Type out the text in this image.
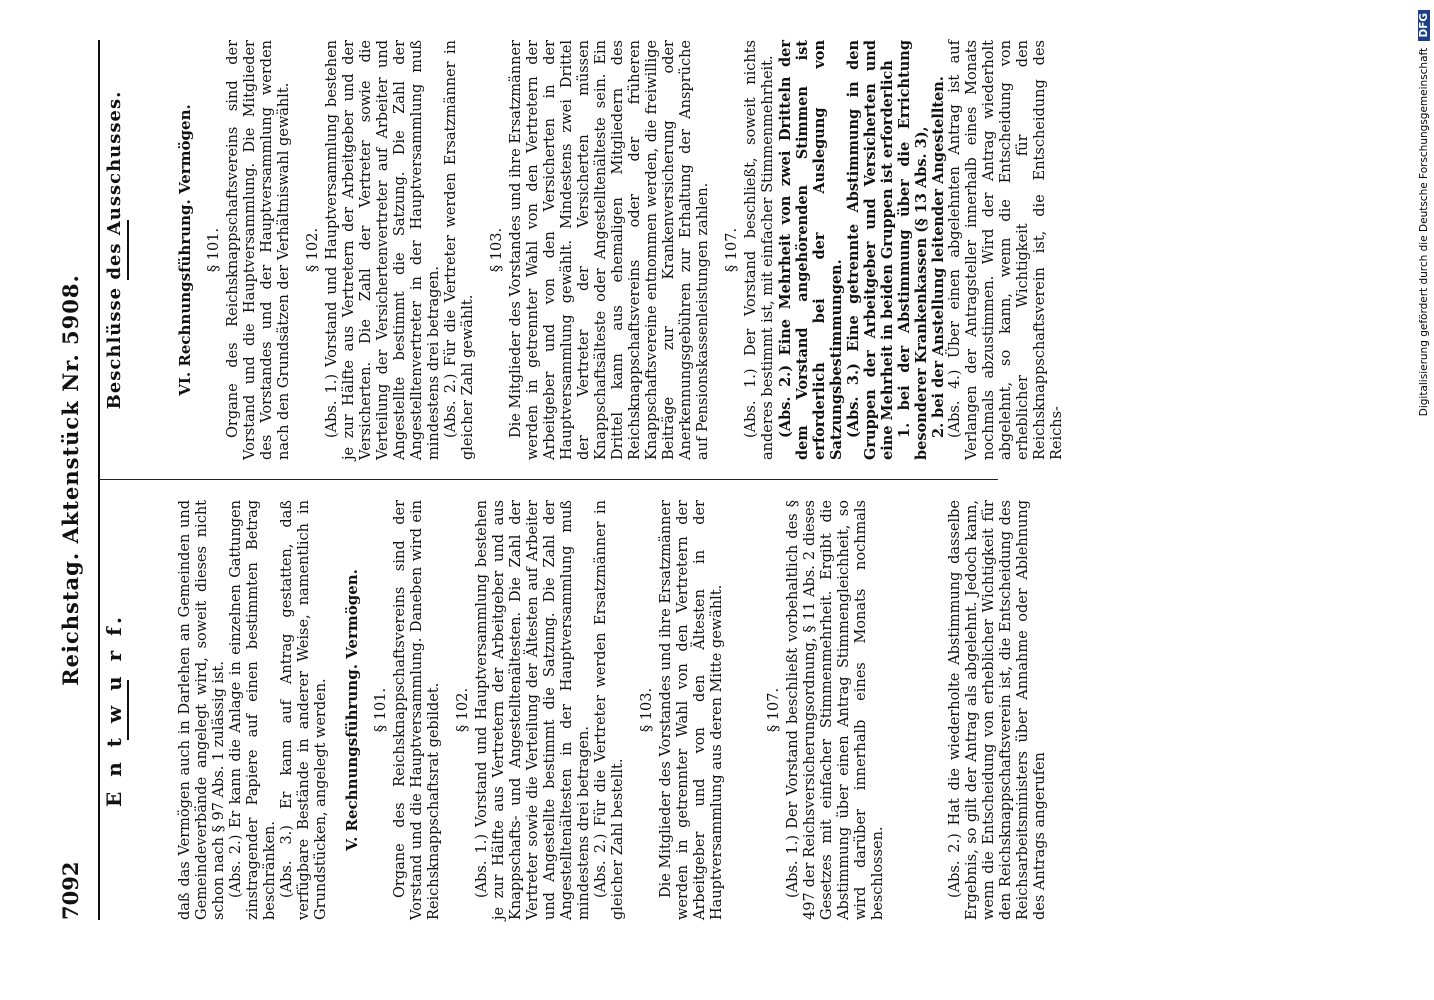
7092
Reichstag. Aktenstück Nr. 5908.
E n t w u r f.	daß das Vermögen auch in Darlehen an Gemeinden und Gemeindeverbände angelegt wird, soweit dieses nicht schon nach § 97 Abs. 1 zulässig ist. (Abs. 2.) Er kann die Anlage in einzelnen Gattungen zinstragender Papiere auf einen bestimmten Betrag beschränken. (Abs. 3.) Er kann auf Antrag gestatten, daß verfügbare Bestände in anderer Weise, namentlich in Grundstücken, angelegt werden. V. Rechnungsführung. Vermögen. § 101. Organe des Reichsknappschaftsvereins sind der Vorstand und die Hauptversammlung. Daneben wird ein Reichsknappschaftsrat gebildet. § 102. (Abs. 1.) Vorstand und Hauptversammlung bestehen je zur Hälfte aus Vertretern der Arbeitgeber und aus Knappschafts- und Angestelltenältesten. Die Zahl der Vertreter sowie die Verteilung der Ältesten auf Arbeiter und Angestellte bestimmt die Satzung. Die Zahl der Angestelltenältesten in der Hauptversammlung muß mindestens drei betragen. (Abs. 2.) Für die Vertreter werden Ersatzmänner in gleicher Zahl bestellt.

§ 103. Die Mitglieder des Vorstandes und ihre Ersatzmänner werden in getrennter Wahl von den Vertretern der Arbeitgeber und von den Ältesten in der Hauptversammlung aus deren Mitte gewählt.	§ 107. (Abs. 1.) Der Vorstand beschließt vorbehaltlich des § 497 der Reichsversicherungsordnung, § 11 Abs. 2 dieses Gesetzes mit einfacher Stimmenmehrheit. Ergibt die Abstimmung über einen Antrag Stimmengleichheit, so wird darüber innerhalb eines Monats nochmals beschlossen.	(Abs. 2.) Hat die wiederholte Abstimmung dasselbe Ergebnis, so gilt der Antrag als abgelehnt. Jedoch kann, wenn die Entscheidung von erheblicher Wichtigkeit für den Reichsknappschaftsverein ist, die Entscheidung des Reichsarbeitsministers über Annahme oder Ablehnung des Antrags angerufen

Beschlüsse des Ausschusses.	VI. Rechnungsführung. Vermögen. § 101. Organe des Reichsknappschaftsvereins sind der Vorstand und die Hauptversammlung. Die Mitglieder des Vorstandes und der Hauptversammlung werden nach den Grundsätzen der Verhältniswahl gewählt. § 102. (Abs. 1.) Vorstand und Hauptversammlung bestehen je zur Hälfte aus Vertretern der Arbeitgeber und der Versicherten. Die Zahl der Vertreter sowie die Verteilung der Versichertenvertreter auf Arbeiter und Angestellte bestimmt die Satzung. Die Zahl der Angestelltenvertreter in der Hauptversammlung muß mindestens drei betragen. (Abs. 2.) Für die Vertreter werden Ersatzmänner in gleicher Zahl gewählt.

§ 103. Die Mitglieder des Vorstandes und ihre Ersatzmänner werden in getrennter Wahl von den Vertretern der Arbeitgeber und von den Versicherten in der Hauptversammlung gewählt. Mindestens zwei Drittel der Vertreter der Versicherten müssen Knappschaftsälteste oder Angestelltenälteste sein. Ein Drittel kann aus ehemaligen Mitgliedern des Reichsknappschaftsvereins oder der früheren Knappschaftsvereine entnommen werden, die freiwillige Beiträge zur Krankenversicherung oder Anerkennungsgebühren zur Erhaltung der Ansprüche auf Pensionskassenleistungen zahlen. § 107. (Abs. 1.) Der Vorstand beschließt, soweit nichts anderes bestimmt ist, mit einfacher Stimmenmehrheit. (Abs. 2.) Eine Mehrheit von zwei Dritteln der dem Vorstand angehörenden Stimmen ist erforderlich bei der Auslegung von Satzungsbestimmungen. (Abs. 3.) Eine getrennte Abstimmung in den Gruppen der Arbeitgeber und Versicherten und eine Mehrheit in beiden Gruppen ist erforderlich 1. bei der Abstimmung über die Errichtung besonderer Krankenkassen (§ 13 Abs. 3), 2. bei der Anstellung leitender Angestellten. (Abs. 4.) Über einen abgelehnten Antrag ist auf Verlangen der Antragsteller innerhalb eines Monats nochmals abzustimmen. Wird der Antrag wiederholt abgelehnt, so kann, wenn die Entscheidung von erheblicher Wichtigkeit für den Reichsknappschaftsverein ist, die Entscheidung des Reichs-

Digitalisierung gefördert durch die Deutsche Forschungsgemeinschaft DFG
